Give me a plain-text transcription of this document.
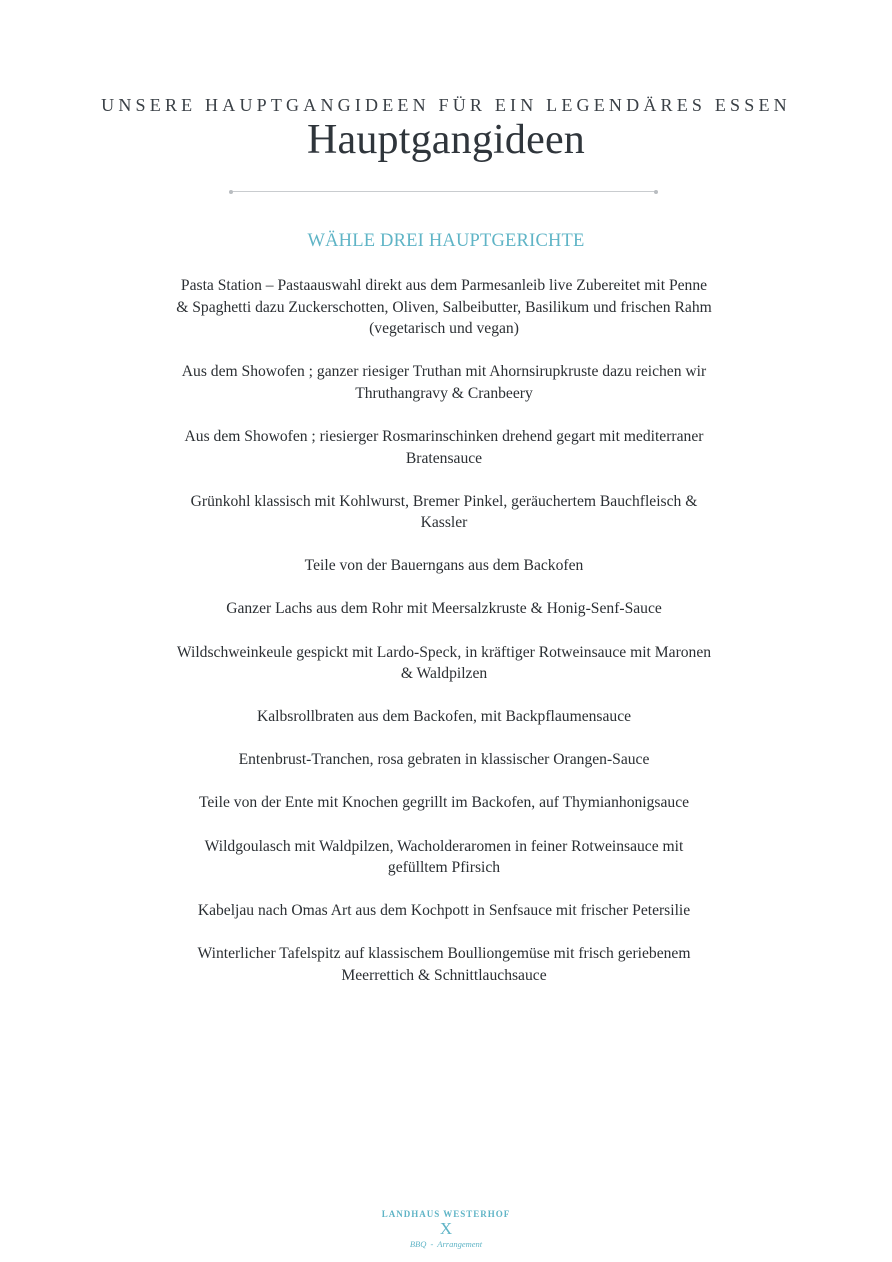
UNSERE HAUPTGANGIDEEN FÜR EIN LEGENDÄRES ESSEN
Hauptgangideen
WÄHLE DREI HAUPTGERICHTE
Pasta Station – Pastaauswahl direkt aus dem Parmesanleib live Zubereitet mit Penne & Spaghetti dazu Zuckerschotten, Oliven, Salbeibutter, Basilikum und frischen Rahm (vegetarisch und vegan)
Aus dem Showofen ; ganzer riesiger Truthan mit Ahornsirupkruste dazu reichen wir Thruthangravy & Cranbeery
Aus dem Showofen ; riesierger Rosmarinschinken drehend gegart mit mediterraner Bratensauce
Grünkohl klassisch mit Kohlwurst, Bremer Pinkel, geräuchertem Bauchfleisch & Kassler
Teile von der Bauerngans aus dem Backofen
Ganzer Lachs aus dem Rohr mit Meersalzkruste & Honig-Senf-Sauce
Wildschweinkeule gespickt mit Lardo-Speck, in kräftiger Rotweinsauce mit Maronen & Waldpilzen
Kalbsrollbraten aus dem Backofen, mit Backpflaumensauce
Entenbrust-Tranchen, rosa gebraten in klassischer Orangen-Sauce
Teile von der Ente mit Knochen gegrillt im Backofen, auf Thymianhonigsauce
Wildgoulasch mit Waldpilzen, Wacholderaromen in feiner Rotweinsauce mit gefülltem Pfirsich
Kabeljau nach Omas Art aus dem Kochpott in Senfsauce mit frischer Petersilie
Winterlicher Tafelspitz auf klassischem Boulliongemüse mit frisch geriebenem Meerrettich & Schnittlauchsauce
LANDHAUS WESTERHOF
X
BBQ - Arrangement
